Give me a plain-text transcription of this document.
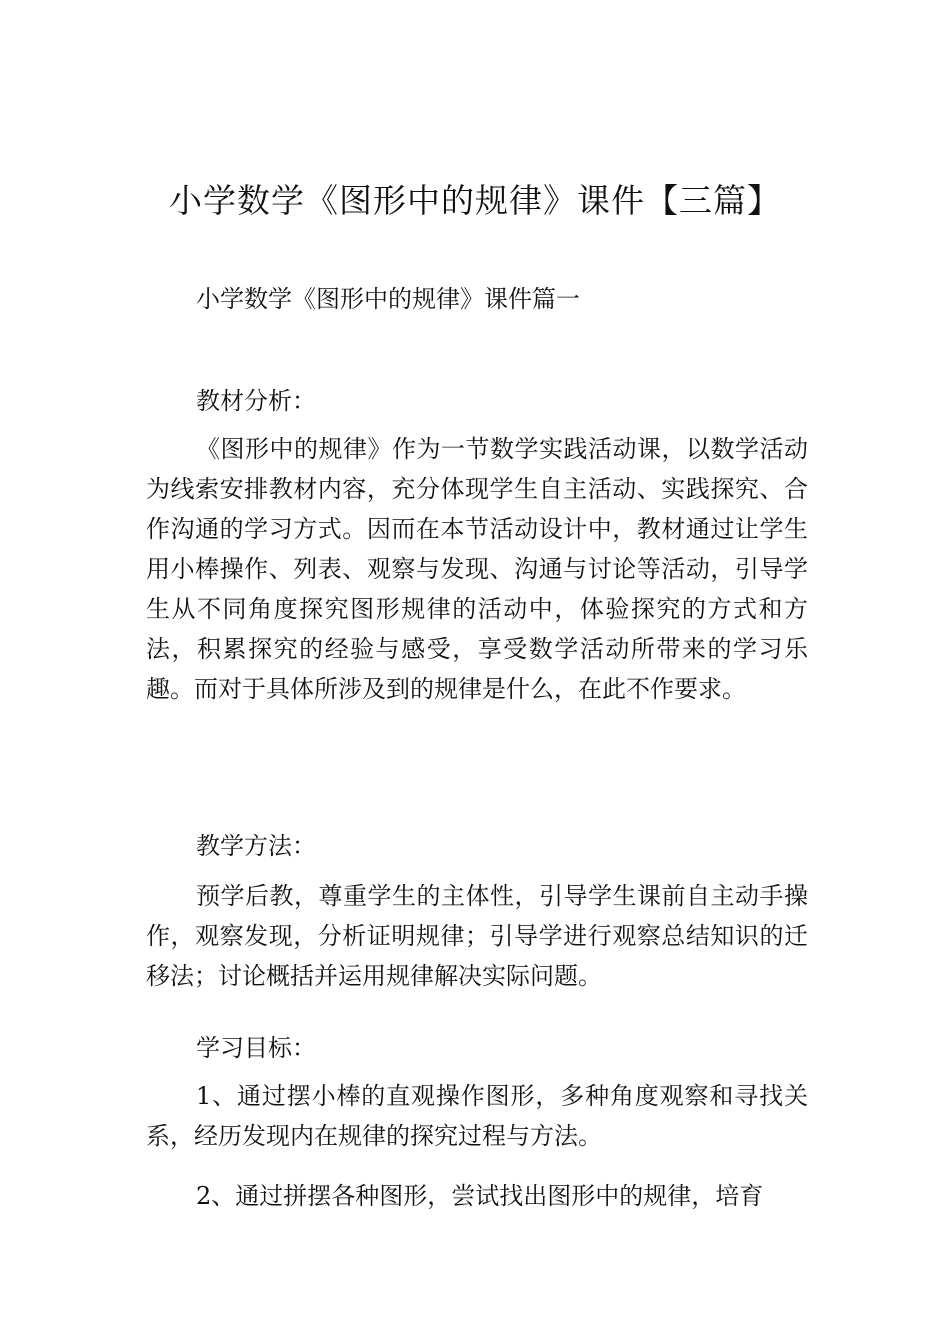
小学数学《图形中的规律》课件【三篇】

小学数学《图形中的规律》课件篇一

教材分析：

《图形中的规律》作为一节数学实践活动课，以数学活动为线索安排教材内容，充分体现学生自主活动、实践探究、合作沟通的学习方式。因而在本节活动设计中，教材通过让学生用小棒操作、列表、观察与发现、沟通与讨论等活动，引导学生从不同角度探究图形规律的活动中，体验探究的方式和方法，积累探究的经验与感受，享受数学活动所带来的学习乐趣。而对于具体所涉及到的规律是什么，在此不作要求。

教学方法：

预学后教，尊重学生的主体性，引导学生课前自主动手操作，观察发现，分析证明规律；引导学进行观察总结知识的迁移法；讨论概括并运用规律解决实际问题。

学习目标：

1、通过摆小棒的直观操作图形，多种角度观察和寻找关系，经历发现内在规律的探究过程与方法。

2、通过拼摆各种图形，尝试找出图形中的规律，培育
